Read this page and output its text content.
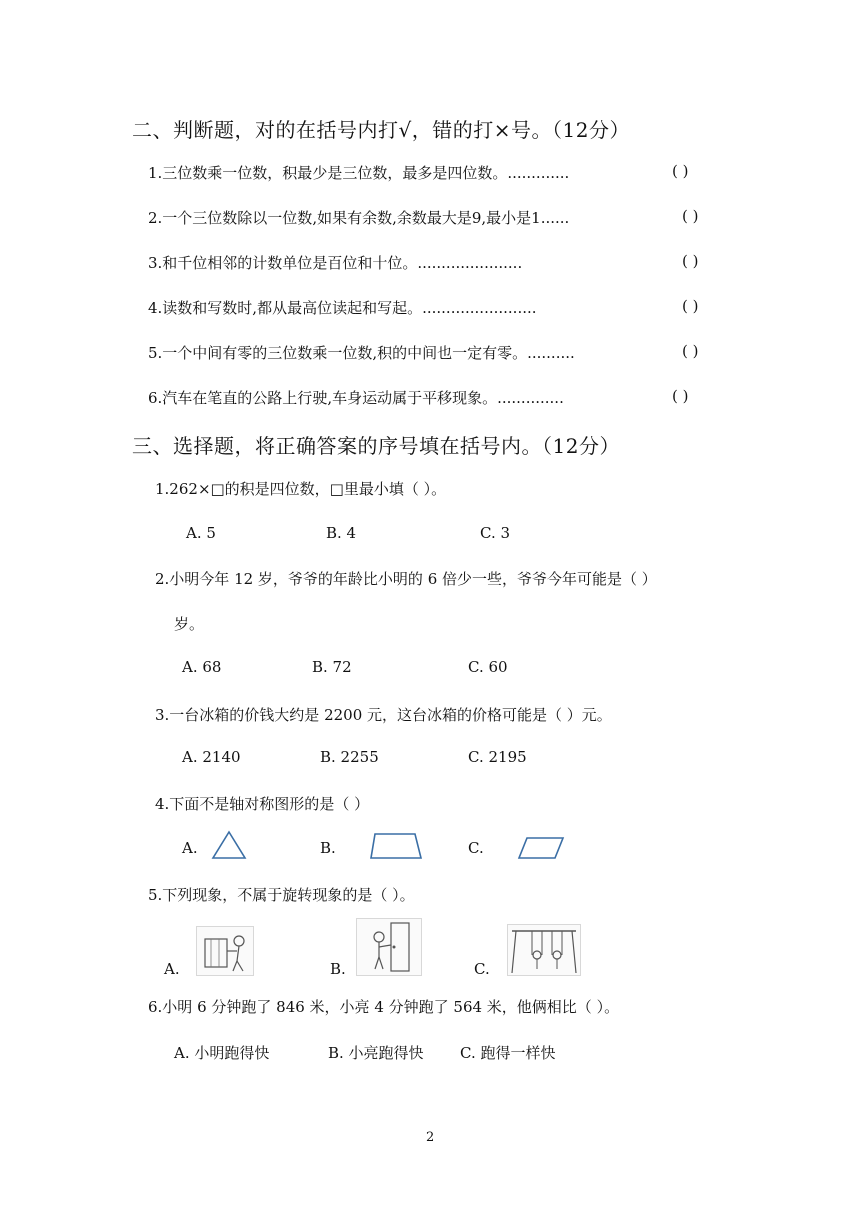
二、判断题，对的在括号内打√，错的打×号。（12分）
1.三位数乘一位数，积最少是三位数，最多是四位数。.............	( )
2.一个三位数除以一位数,如果有余数,余数最大是9,最小是1......	( )
3.和千位相邻的计数单位是百位和十位。......................	( )
4.读数和写数时,都从最高位读起和写起。........................	( )
5.一个中间有零的三位数乘一位数,积的中间也一定有零。..........	( )
6.汽车在笔直的公路上行驶,车身运动属于平移现象。..............	( )
三、选择题，将正确答案的序号填在括号内。（12分）
1.262×□的积是四位数，□里最小填（ ）。
A. 5	B. 4	C. 3
2.小明今年 12 岁，爷爷的年龄比小明的 6 倍少一些，爷爷今年可能是（ ）
岁。
A. 68	B. 72	C. 60
3.一台冰箱的价钱大约是 2200 元，这台冰箱的价格可能是（ ）元。
A. 2140	B. 2255	C. 2195
4.下面不是轴对称图形的是（ ）
A.	B.	C.
5.下列现象，不属于旋转现象的是（ ）。
A.	B.	C.
6.小明 6 分钟跑了 846 米，小亮 4 分钟跑了 564 米，他俩相比（ ）。
A. 小明跑得快	B. 小亮跑得快 C. 跑得一样快
2
